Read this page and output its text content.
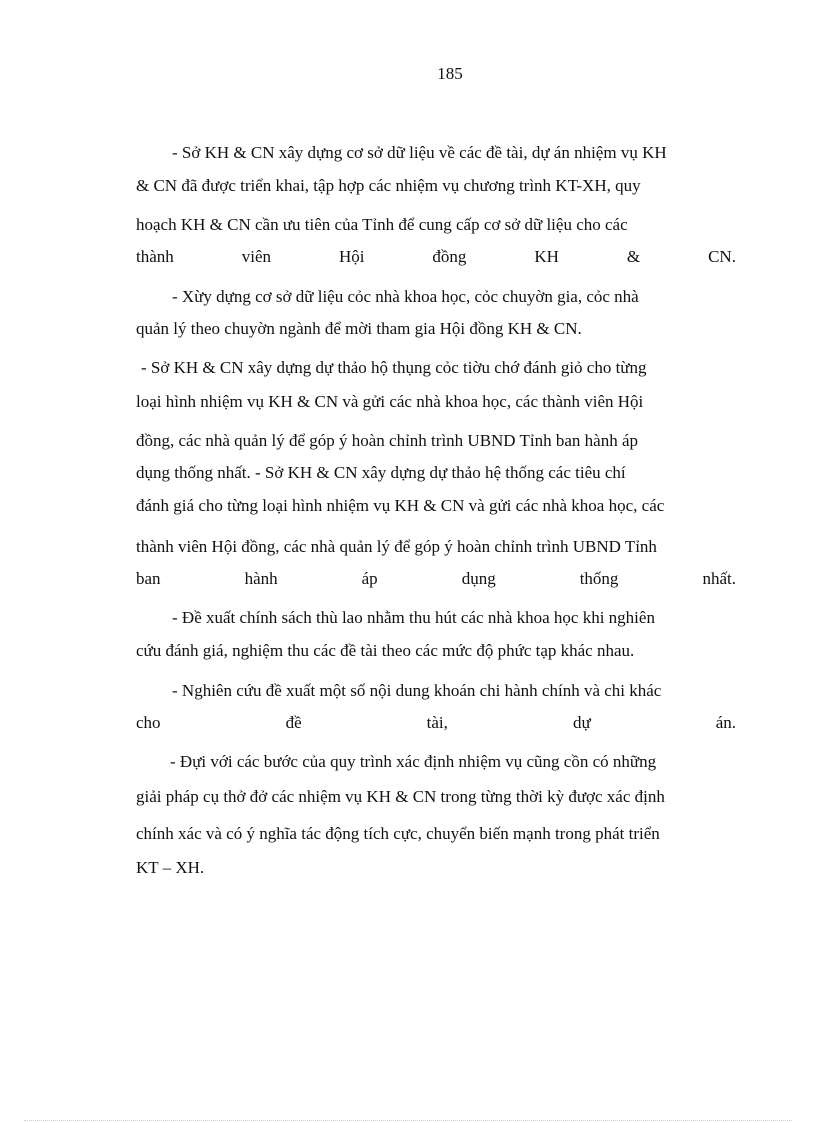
185
- Sở KH & CN xây dựng cơ sở dữ liệu về các đề tài, dự án nhiệm vụ KH
& CN đã được triển khai, tập hợp các nhiệm vụ chương trình KT-XH, quy
hoạch KH & CN cần ưu tiên của Tỉnh để cung cấp cơ sở dữ liệu cho các
thành	viên	Hội	đồng	KH	&	CN.
- Xừy dựng cơ sở dữ liệu cỏc nhà khoa học, cỏc chuyờn gia, cỏc nhà
quản lý theo chuyờn ngành để mời tham gia Hội đồng KH & CN.
- Sở KH & CN xây dựng dự thảo hộ thụng cỏc tiờu chớ đánh giỏ cho từng
loại hình nhiệm vụ KH & CN và gửi các nhà khoa học, các thành viên Hội
đồng, các nhà quản lý để góp ý hoàn chỉnh trình UBND Tỉnh ban hành áp
dụng thống nhất. - Sở KH & CN xây dựng dự thảo hệ thống các tiêu chí
đánh giá cho từng loại hình nhiệm vụ KH & CN và gửi các nhà khoa học, các
thành viên Hội đồng, các nhà quản lý để góp ý hoàn chỉnh trình UBND Tỉnh
ban	hành	áp	dụng	thống	nhất.
- Đề xuất chính sách thù lao nhằm thu hút các nhà khoa học khi nghiên
cứu đánh giá, nghiệm thu các đề tài theo các mức độ phức tạp khác nhau.
- Nghiên cứu đề xuất một số nội dung khoán chi hành chính và chi khác
cho	đề	tài,	dự	án.
- Đựi với các bước của quy trình xác định nhiệm vụ cũng cồn có những
giải pháp cụ thở đở các nhiệm vụ KH & CN trong từng thời kỳ được xác định
chính xác và có ý nghĩa tác động tích cực, chuyển biến mạnh trong phát triển
KT – XH.
